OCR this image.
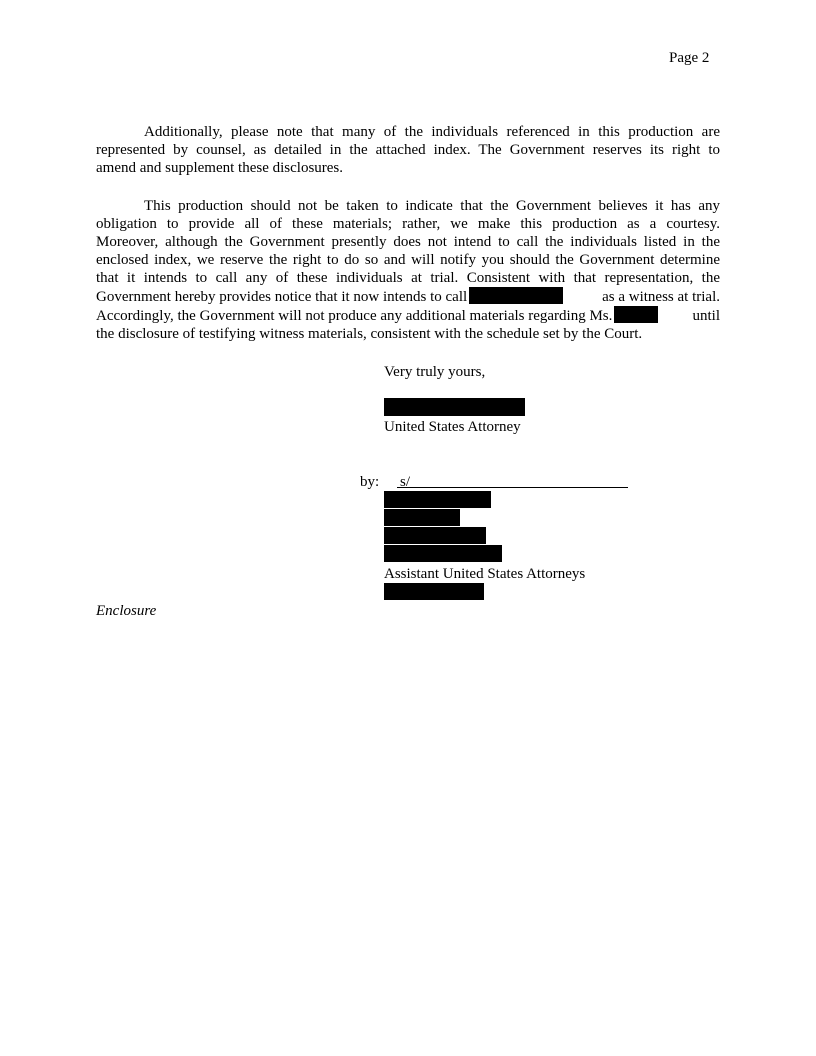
Page 2
Additionally, please note that many of the individuals referenced in this production are
represented by counsel, as detailed in the attached index. The Government reserves its right to
amend and supplement these disclosures.
This production should not be taken to indicate that the Government believes it has any
obligation to provide all of these materials; rather, we make this production as a courtesy.
Moreover, although the Government presently does not intend to call the individuals listed in the
enclosed index, we reserve the right to do so and will notify you should the Government determine
that it intends to call any of these individuals at trial. Consistent with that representation, the
Government hereby provides notice that it now intends to call	as a witness at trial.
Accordingly, the Government will not produce any additional materials regarding Ms.	until
the disclosure of testifying witness materials, consistent with the schedule set by the Court.
Very truly yours,
United States Attorney
by: s/
Assistant United States Attorneys
Enclosure
